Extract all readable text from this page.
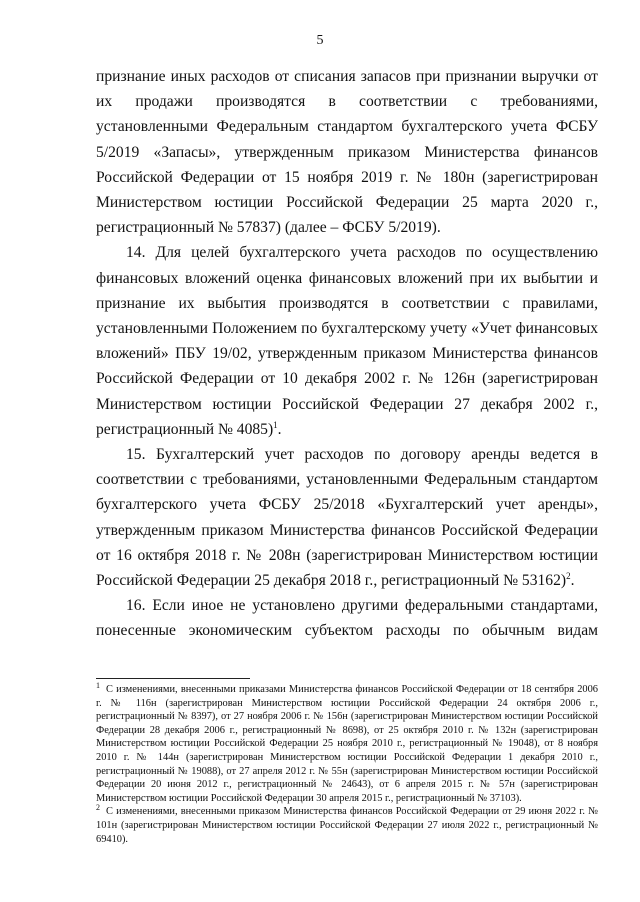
5

признание иных расходов от списания запасов при признании выручки от их продажи производятся в соответствии с требованиями, установленными Федеральным стандартом бухгалтерского учета ФСБУ 5/2019 «Запасы», утвержденным приказом Министерства финансов Российской Федерации от 15 ноября 2019 г. № 180н (зарегистрирован Министерством юстиции Российской Федерации 25 марта 2020 г., регистрационный № 57837) (далее – ФСБУ 5/2019).

14. Для целей бухгалтерского учета расходов по осуществлению финансовых вложений оценка финансовых вложений при их выбытии и признание их выбытия производятся в соответствии с правилами, установленными Положением по бухгалтерскому учету «Учет финансовых вложений» ПБУ 19/02, утвержденным приказом Министерства финансов Российской Федерации от 10 декабря 2002 г. № 126н (зарегистрирован Министерством юстиции Российской Федерации 27 декабря 2002 г., регистрационный № 4085)$^1$.

15. Бухгалтерский учет расходов по договору аренды ведется в соответствии с требованиями, установленными Федеральным стандартом бухгалтерского учета ФСБУ 25/2018 «Бухгалтерский учет аренды», утвержденным приказом Министерства финансов Российской Федерации от 16 октября 2018 г. № 208н (зарегистрирован Министерством юстиции Российской Федерации 25 декабря 2018 г., регистрационный № 53162)$^2$.

16. Если иное не установлено другими федеральными стандартами, понесенные экономическим субъектом расходы по обычным видам

$^1$ С изменениями, внесенными приказами Министерства финансов Российской Федерации от 18 сентября 2006 г. № 116н (зарегистрирован Министерством юстиции Российской Федерации 24 октября 2006 г., регистрационный № 8397), от 27 ноября 2006 г. № 156н (зарегистрирован Министерством юстиции Российской Федерации 28 декабря 2006 г., регистрационный № 8698), от 25 октября 2010 г. № 132н (зарегистрирован Министерством юстиции Российской Федерации 25 ноября 2010 г., регистрационный № 19048), от 8 ноября 2010 г. № 144н (зарегистрирован Министерством юстиции Российской Федерации 1 декабря 2010 г., регистрационный № 19088), от 27 апреля 2012 г. № 55н (зарегистрирован Министерством юстиции Российской Федерации 20 июня 2012 г., регистрационный № 24643), от 6 апреля 2015 г. № 57н (зарегистрирован Министерством юстиции Российской Федерации 30 апреля 2015 г., регистрационный № 37103).

$^2$ С изменениями, внесенными приказом Министерства финансов Российской Федерации от 29 июня 2022 г. № 101н (зарегистрирован Министерством юстиции Российской Федерации 27 июля 2022 г., регистрационный № 69410).
